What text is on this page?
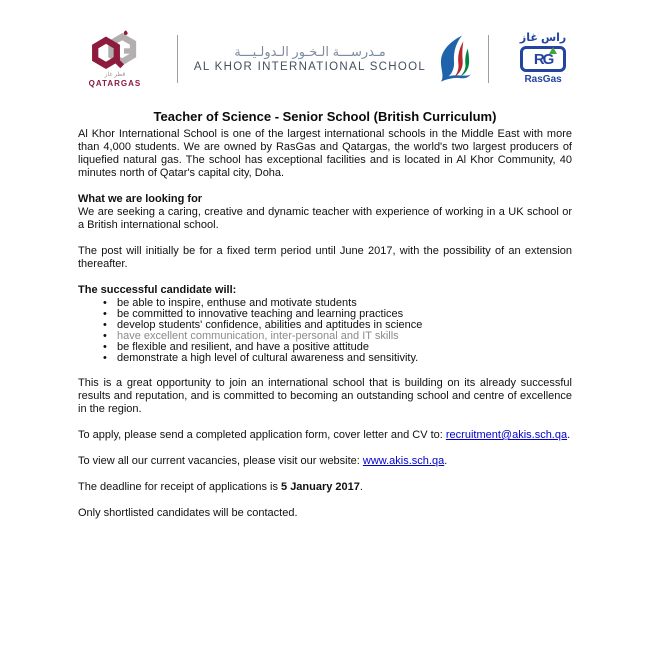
قطر غاز
QATARGAS
مـدرســـة الـخـور الـدولـيـــة
AL KHOR INTERNATIONAL SCHOOL
راس غاز
RG
RasGas
Teacher of Science - Senior School (British Curriculum)

Al Khor International School is one of the largest international schools in the Middle East with more than 4,000 students. We are owned by RasGas and Qatargas, the world's two largest producers of liquefied natural gas. The school has exceptional facilities and is located in Al Khor Community, 40 minutes north of Qatar's capital city, Doha.

What we are looking for

We are seeking a caring, creative and dynamic teacher with experience of working in a UK school or a British international school.

The post will initially be for a fixed term period until June 2017, with the possibility of an extension thereafter.

The successful candidate will:

• be able to inspire, enthuse and motivate students
• be committed to innovative teaching and learning practices
• develop students' confidence, abilities and aptitudes in science
• have excellent communication, inter-personal and IT skills
• be flexible and resilient, and have a positive attitude
• demonstrate a high level of cultural awareness and sensitivity.

This is a great opportunity to join an international school that is building on its already successful results and reputation, and is committed to becoming an outstanding school and centre of excellence in the region.

To apply, please send a completed application form, cover letter and CV to: recruitment@akis.sch.qa.

To view all our current vacancies, please visit our website: www.akis.sch.qa.

The deadline for receipt of applications is 5 January 2017.

Only shortlisted candidates will be contacted.
